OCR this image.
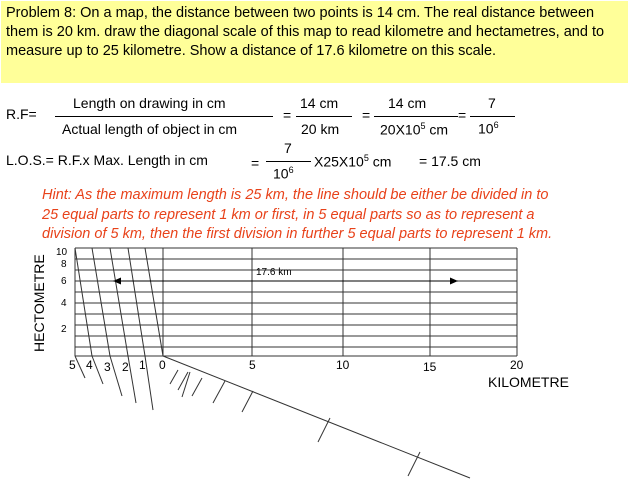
Problem 8: On a map, the distance between two points is 14 cm. The real distance between them is 20 km. draw the diagonal scale of this map to read kilometre and hectametres, and to measure up to 25 kilometre. Show a distance of 17.6 kilometre on this scale.
R.F=
Length on drawing in cm
Actual length of object in cm
=
14 cm
20 km
=
14 cm
$20X10^5$ cm
=
7
$10^6$
L.O.S.= R.F.x Max. Length in cm	=
7
$10^6$
$X25X10^5$ cm = 17.5 cm
17.6 km
10
8
6
4
2
HECTOMETRE
5 4 3 2 1 0	5	10	15	20
KILOMETRE
Hint: As the maximum length is 25 km, the line should be either be divided in to 25 equal parts to represent 1 km or first, in 5 equal parts so as to represent a division of 5 km, then the first division in further 5 equal parts to represent 1 km.
